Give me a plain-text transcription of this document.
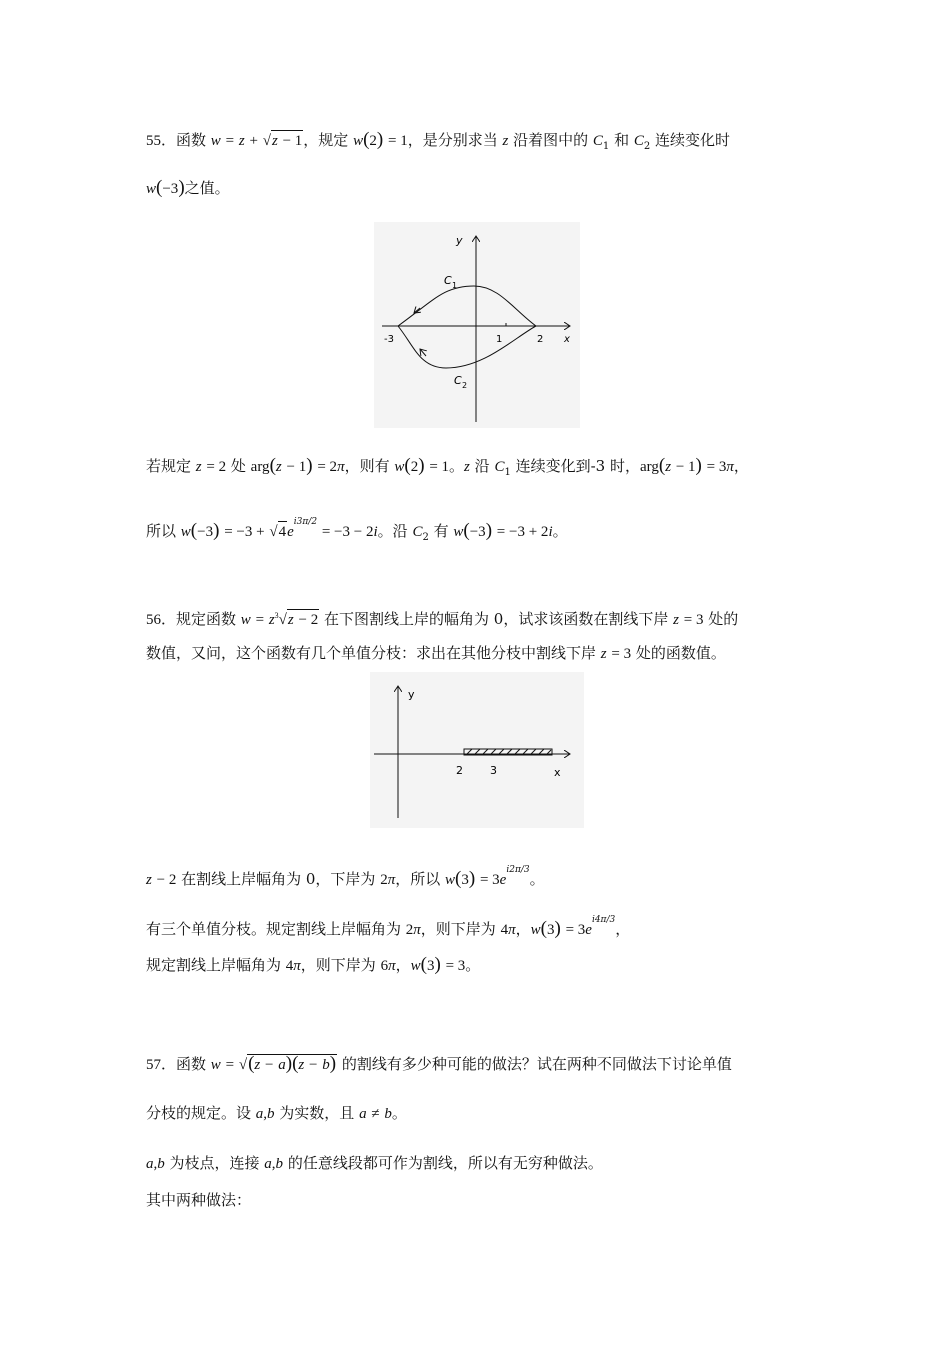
55．函数 w = z + √z − 1，规定 w(2) = 1，是分别求当 z 沿着图中的 $C_1$ 和 $C_2$ 连续变化时
w(−3)之值。
y
x
-3	1	2
C 1
C 2
若规定 z = 2 处 arg(z − 1) = 2π，则有 w(2) = 1。z 沿 $C_1$ 连续变化到-3 时，arg(z − 1) = 3π，
所以 $w(-3) = -3 + √4e^{i3\pi/2} = -3 - 2i$。沿 $C_2$ 有 w(−3) = −3 + 2i。
56．规定函数 $w = z^3√z - 2$ 在下图割线上岸的幅角为 0，试求该函数在割线下岸 z = 3 处的
数值，又问，这个函数有几个单值分枝：求出在其他分枝中割线下岸 z = 3 处的函数值。
y
x
2 3
z − 2 在割线上岸幅角为 0，下岸为 2π，所以 $w(3) = 3e^{i2\pi/3}$。
有三个单值分枝。规定割线上岸幅角为 2π，则下岸为 4π，$w(3) = 3e^{i4\pi/3}$，
规定割线上岸幅角为 4π，则下岸为 6π，w(3) = 3。
57．函数 w = √(z − a)(z − b) 的割线有多少种可能的做法？试在两种不同做法下讨论单值
分枝的规定。设 a,b 为实数，且 a ≠ b。
a,b 为枝点，连接 a,b 的任意线段都可作为割线，所以有无穷种做法。
其中两种做法：
